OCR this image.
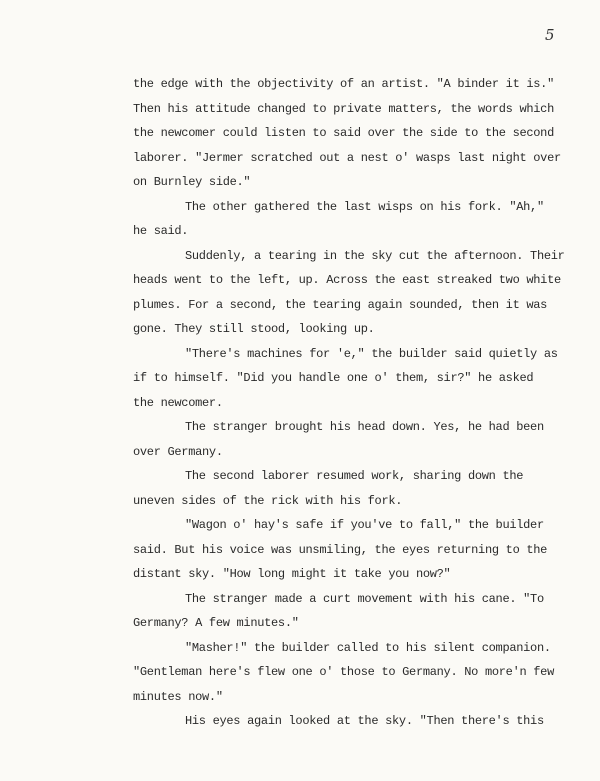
5
the edge with the objectivity of an artist. "A binder it is."
Then his attitude changed to private matters, the words which
the newcomer could listen to said over the side to the second
laborer. "Jermer scratched out a nest o' wasps last night over
on Burnley side."
The other gathered the last wisps on his fork. "Ah,"
he said.
Suddenly, a tearing in the sky cut the afternoon. Their
heads went to the left, up. Across the east streaked two white
plumes. For a second, the tearing again sounded, then it was
gone. They still stood, looking up.
"There's machines for 'e," the builder said quietly as
if to himself. "Did you handle one o' them, sir?" he asked
the newcomer.
The stranger brought his head down. Yes, he had been
over Germany.
The second laborer resumed work, sharing down the
uneven sides of the rick with his fork.
"Wagon o' hay's safe if you've to fall," the builder
said. But his voice was unsmiling, the eyes returning to the
distant sky. "How long might it take you now?"
The stranger made a curt movement with his cane. "To
Germany? A few minutes."
"Masher!" the builder called to his silent companion.
"Gentleman here's flew one o' those to Germany. No more'n few
minutes now."
His eyes again looked at the sky. "Then there's this
